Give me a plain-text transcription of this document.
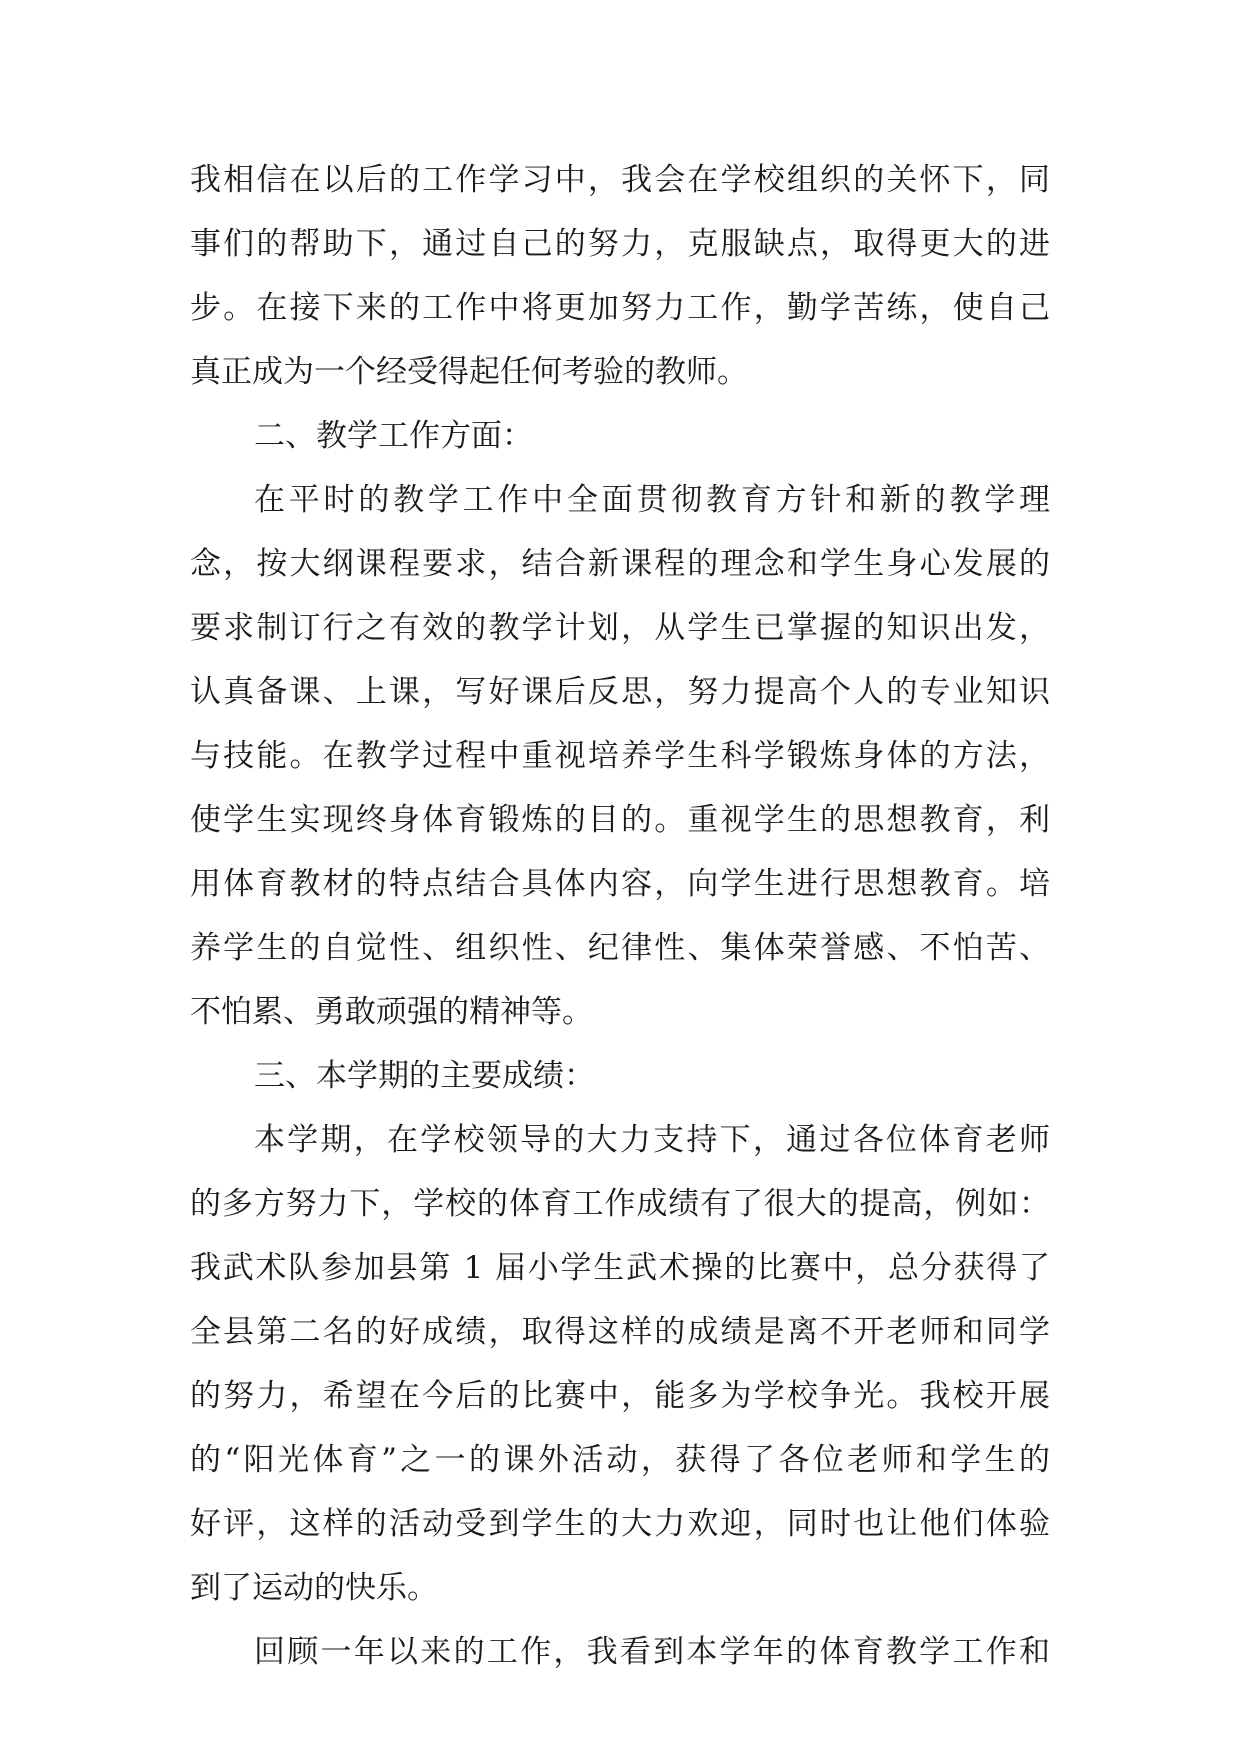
我相信在以后的工作学习中，我会在学校组织的关怀下，同
事们的帮助下，通过自己的努力，克服缺点，取得更大的进
步。在接下来的工作中将更加努力工作，勤学苦练，使自己
真正成为一个经受得起任何考验的教师。
二、教学工作方面：
在平时的教学工作中全面贯彻教育方针和新的教学理
念，按大纲课程要求，结合新课程的理念和学生身心发展的
要求制订行之有效的教学计划，从学生已掌握的知识出发，
认真备课、上课，写好课后反思，努力提高个人的专业知识
与技能。在教学过程中重视培养学生科学锻炼身体的方法，
使学生实现终身体育锻炼的目的。重视学生的思想教育，利
用体育教材的特点结合具体内容，向学生进行思想教育。培
养学生的自觉性、组织性、纪律性、集体荣誉感、不怕苦、
不怕累、勇敢顽强的精神等。
三、本学期的主要成绩：
本学期，在学校领导的大力支持下，通过各位体育老师
的多方努力下，学校的体育工作成绩有了很大的提高，例如：
我武术队参加县第 1 届小学生武术操的比赛中，总分获得了
全县第二名的好成绩，取得这样的成绩是离不开老师和同学
的努力，希望在今后的比赛中，能多为学校争光。我校开展
的“阳光体育”之一的课外活动，获得了各位老师和学生的
好评，这样的活动受到学生的大力欢迎，同时也让他们体验
到了运动的快乐。
回顾一年以来的工作，我看到本学年的体育教学工作和
